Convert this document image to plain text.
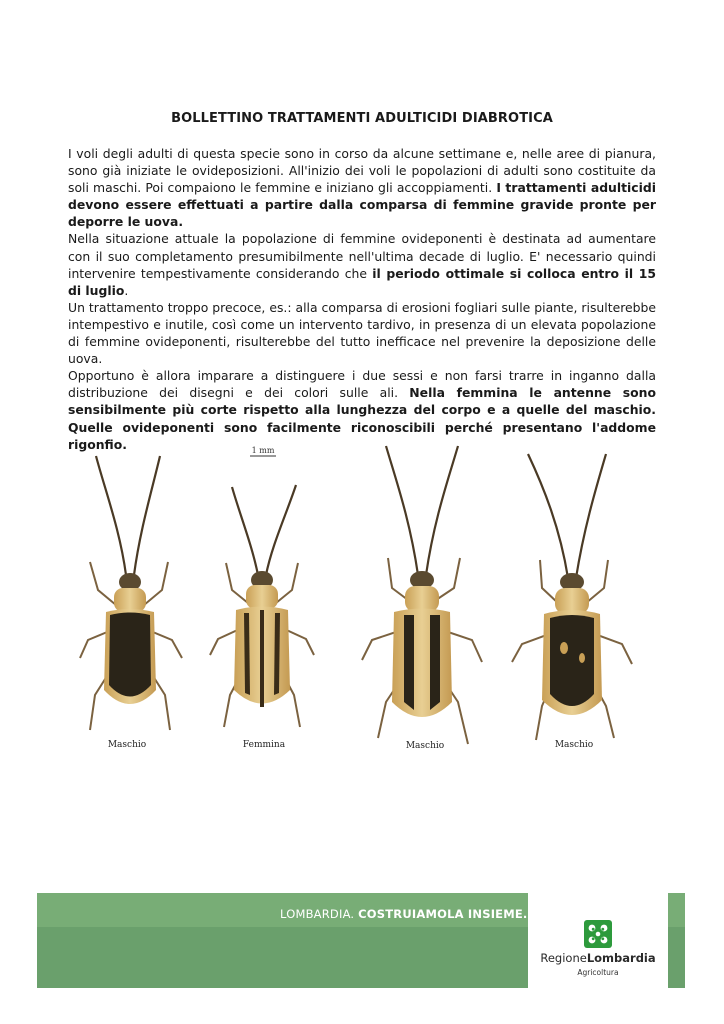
BOLLETTINO TRATTAMENTI ADULTICIDI DIABROTICA

I voli degli adulti di questa specie sono in corso da alcune settimane e, nelle aree di pianura, sono già iniziate le ovideposizioni. All'inizio dei voli le popolazioni di adulti sono costituite da soli maschi. Poi compaiono le femmine e iniziano gli accoppiamenti. I trattamenti adulticidi devono essere effettuati a partire dalla comparsa di femmine gravide pronte per deporre le uova.

Nella situazione attuale la popolazione di femmine ovideponenti è destinata ad aumentare con il suo completamento presumibilmente nell'ultima decade di luglio. E' necessario quindi intervenire tempestivamente considerando che il periodo ottimale si colloca entro il 15 di luglio.

Un trattamento troppo precoce, es.: alla comparsa di erosioni fogliari sulle piante, risulterebbe intempestivo e inutile, così come un intervento tardivo, in presenza di un elevata popolazione di femmine ovideponenti, risulterebbe del tutto inefficace nel prevenire la deposizione delle uova.

Opportuno è allora imparare a distinguere i due sessi e non farsi trarre in inganno dalla distribuzione dei disegni e dei colori sulle ali. Nella femmina le antenne sono sensibilmente più corte rispetto alla lunghezza del corpo e a quelle del maschio. Quelle ovideponenti sono facilmente riconoscibili perché presentano l'addome rigonfio.	1 mm
Maschio	Femmina	Maschio	Maschio
LOMBARDIA. COSTRUIAMOLA INSIEME.
RegioneLombardia
Agricoltura
